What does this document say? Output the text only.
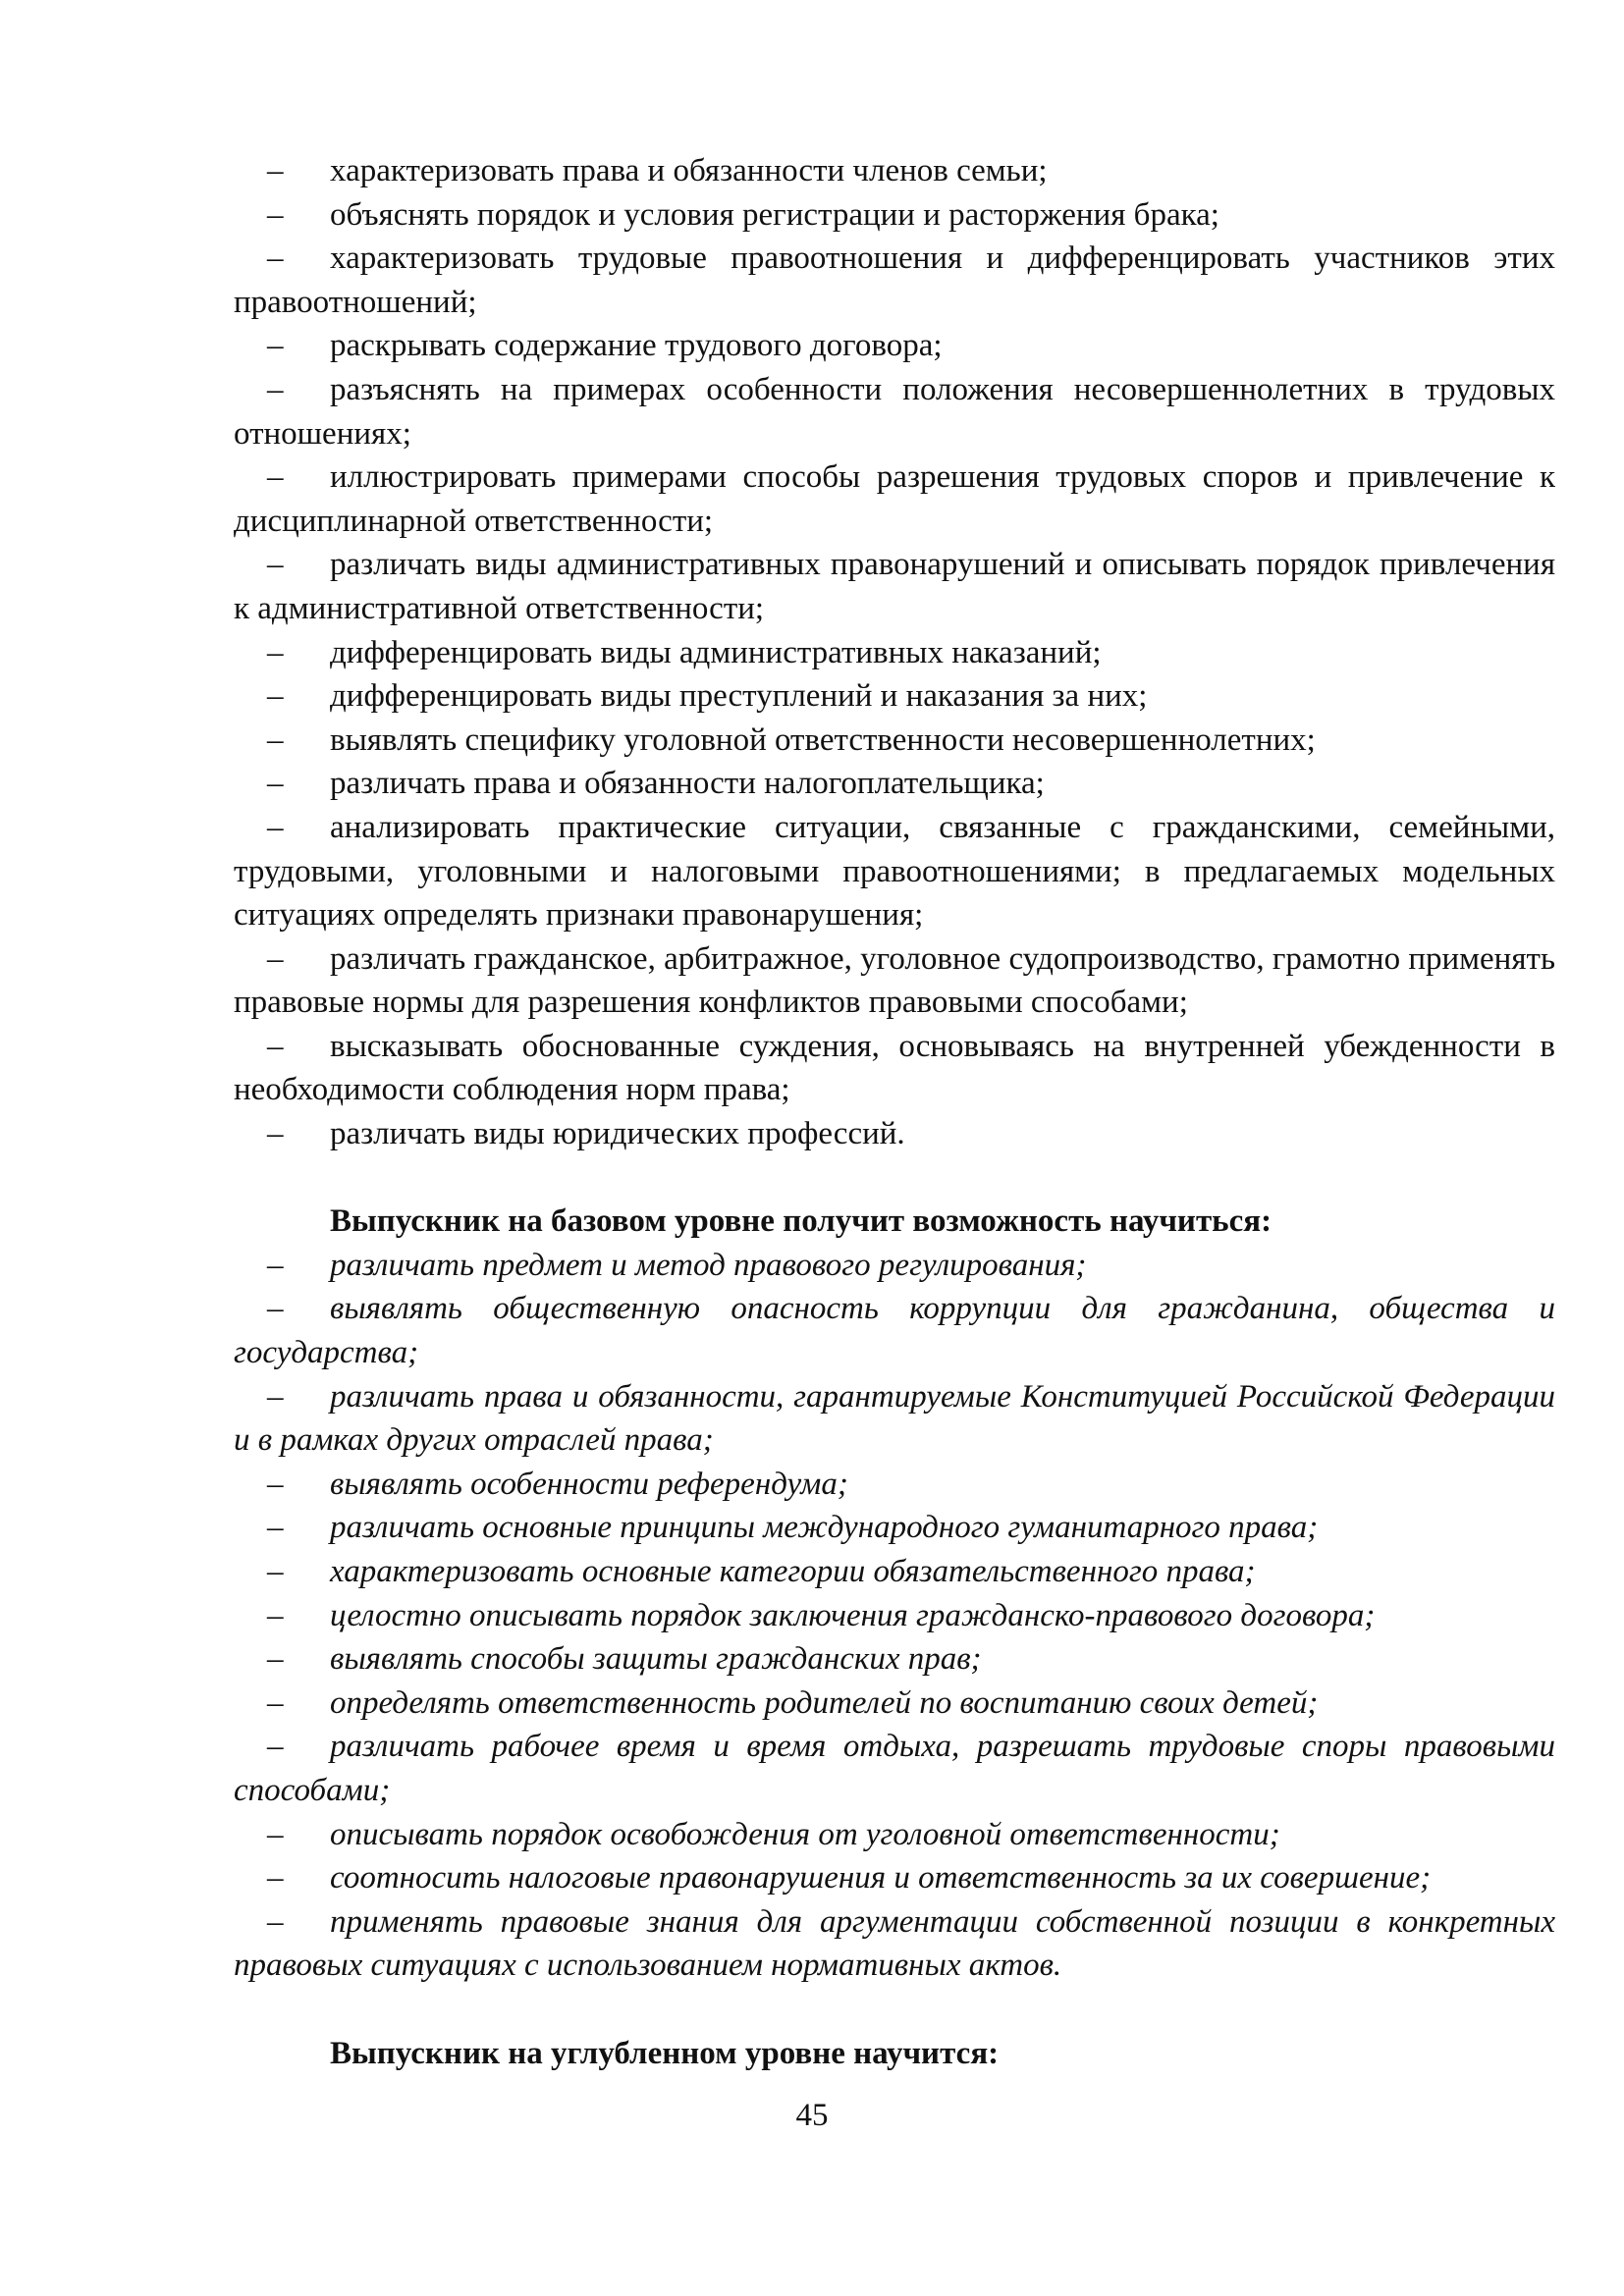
– характеризовать права и обязанности членов семьи;

– объяснять порядок и условия регистрации и расторжения брака;

– характеризовать трудовые правоотношения и дифференцировать участников этих правоотношений;

– раскрывать содержание трудового договора;

– разъяснять на примерах особенности положения несовершеннолетних в трудовых отношениях;

– иллюстрировать примерами способы разрешения трудовых споров и привлечение к дисциплинарной ответственности;

– различать виды административных правонарушений и описывать порядок привлечения к административной ответственности;

– дифференцировать виды административных наказаний;

– дифференцировать виды преступлений и наказания за них;

– выявлять специфику уголовной ответственности несовершеннолетних;

– различать права и обязанности налогоплательщика;

– анализировать практические ситуации, связанные с гражданскими, семейными, трудовыми, уголовными и налоговыми правоотношениями; в предлагаемых модельных ситуациях определять признаки правонарушения;

– различать гражданское, арбитражное, уголовное судопроизводство, грамотно применять правовые нормы для разрешения конфликтов правовыми способами;

– высказывать обоснованные суждения, основываясь на внутренней убежденности в необходимости соблюдения норм права;

– различать виды юридических профессий.

Выпускник на базовом уровне получит возможность научиться:

– различать предмет и метод правового регулирования;

– выявлять общественную опасность коррупции для гражданина, общества и государства;

– различать права и обязанности, гарантируемые Конституцией Российской Федерации и в рамках других отраслей права;

– выявлять особенности референдума;

– различать основные принципы международного гуманитарного права;

– характеризовать основные категории обязательственного права;

– целостно описывать порядок заключения гражданско-правового договора;

– выявлять способы защиты гражданских прав;

– определять ответственность родителей по воспитанию своих детей;

– различать рабочее время и время отдыха, разрешать трудовые споры правовыми способами;

– описывать порядок освобождения от уголовной ответственности;

– соотносить налоговые правонарушения и ответственность за их совершение;

– применять правовые знания для аргументации собственной позиции в конкретных правовых ситуациях с использованием нормативных актов.

Выпускник на углубленном уровне научится:

45
